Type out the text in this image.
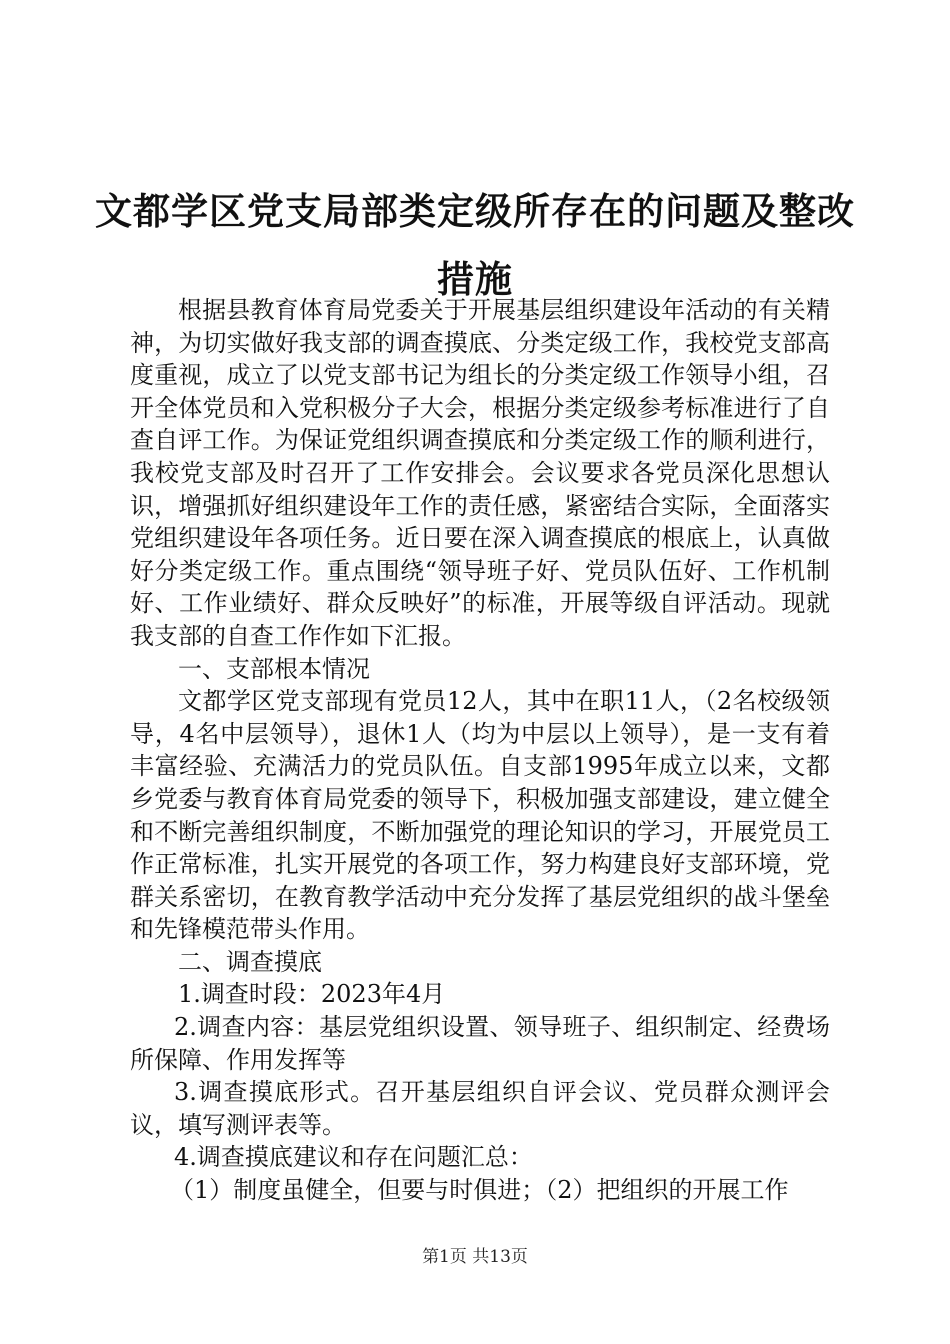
文都学区党支局部类定级所存在的问题及整改措施

根据县教育体育局党委关于开展基层组织建设年活动的有关精神，为切实做好我支部的调查摸底、分类定级工作，我校党支部高度重视，成立了以党支部书记为组长的分类定级工作领导小组，召开全体党员和入党积极分子大会，根据分类定级参考标准进行了自查自评工作。为保证党组织调查摸底和分类定级工作的顺利进行，我校党支部及时召开了工作安排会。会议要求各党员深化思想认识，增强抓好组织建设年工作的责任感，紧密结合实际，全面落实党组织建设年各项任务。近日要在深入调查摸底的根底上，认真做好分类定级工作。重点围绕“领导班子好、党员队伍好、工作机制好、工作业绩好、群众反映好”的标准，开展等级自评活动。现就我支部的自查工作作如下汇报。

一、支部根本情况

文都学区党支部现有党员12人，其中在职11人，（2名校级领导，4名中层领导），退休1人（均为中层以上领导），是一支有着丰富经验、充满活力的党员队伍。自支部1995年成立以来，文都乡党委与教育体育局党委的领导下，积极加强支部建设，建立健全和不断完善组织制度，不断加强党的理论知识的学习，开展党员工作正常标准，扎实开展党的各项工作，努力构建良好支部环境，党群关系密切，在教育教学活动中充分发挥了基层党组织的战斗堡垒和先锋模范带头作用。

二、调查摸底

1.调查时段：2023年4月

2.调查内容：基层党组织设置、领导班子、组织制定、经费场所保障、作用发挥等

3.调查摸底形式。召开基层组织自评会议、党员群众测评会议，填写测评表等。

4.调查摸底建议和存在问题汇总：

（1）制度虽健全，但要与时俱进；（2）把组织的开展工作

第1页 共13页
